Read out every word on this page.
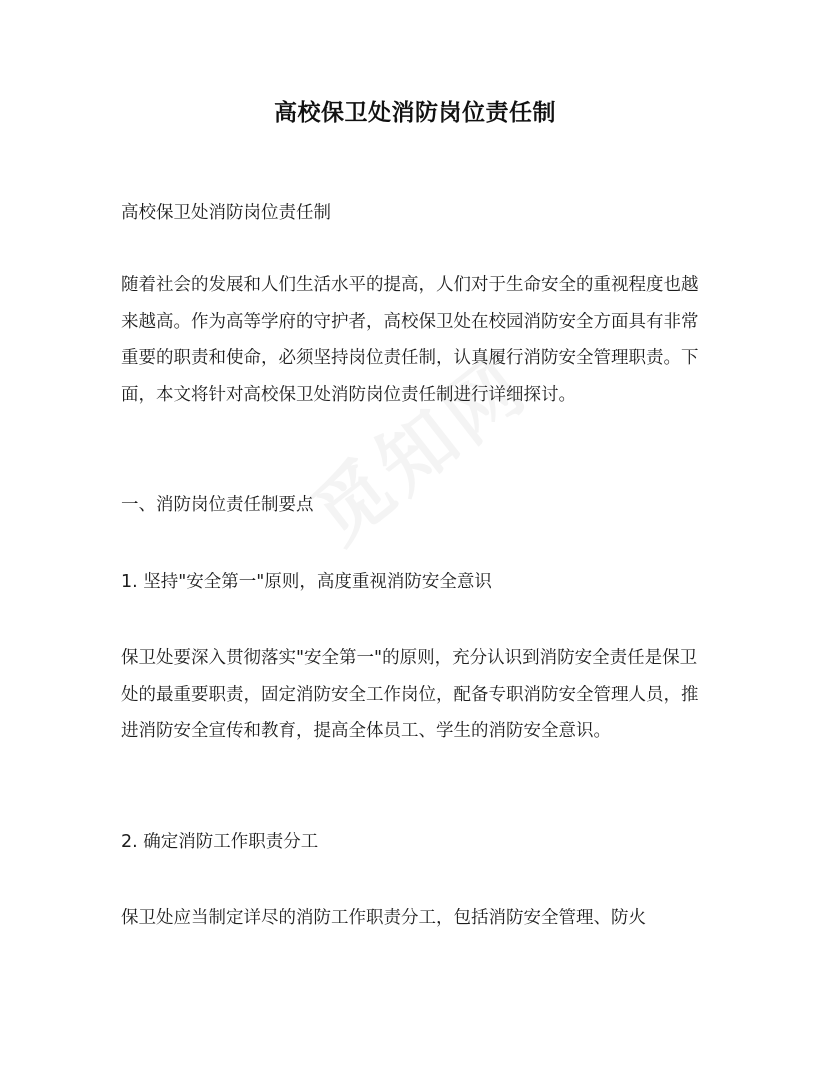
高校保卫处消防岗位责任制
高校保卫处消防岗位责任制
随着社会的发展和人们生活水平的提高，人们对于生命安全的重视程度也越来越高。作为高等学府的守护者，高校保卫处在校园消防安全方面具有非常重要的职责和使命，必须坚持岗位责任制，认真履行消防安全管理职责。下面，本文将针对高校保卫处消防岗位责任制进行详细探讨。
一、消防岗位责任制要点
1. 坚持"安全第一"原则，高度重视消防安全意识
保卫处要深入贯彻落实"安全第一"的原则，充分认识到消防安全责任是保卫处的最重要职责，固定消防安全工作岗位，配备专职消防安全管理人员，推进消防安全宣传和教育，提高全体员工、学生的消防安全意识。
2. 确定消防工作职责分工
保卫处应当制定详尽的消防工作职责分工，包括消防安全管理、防火
